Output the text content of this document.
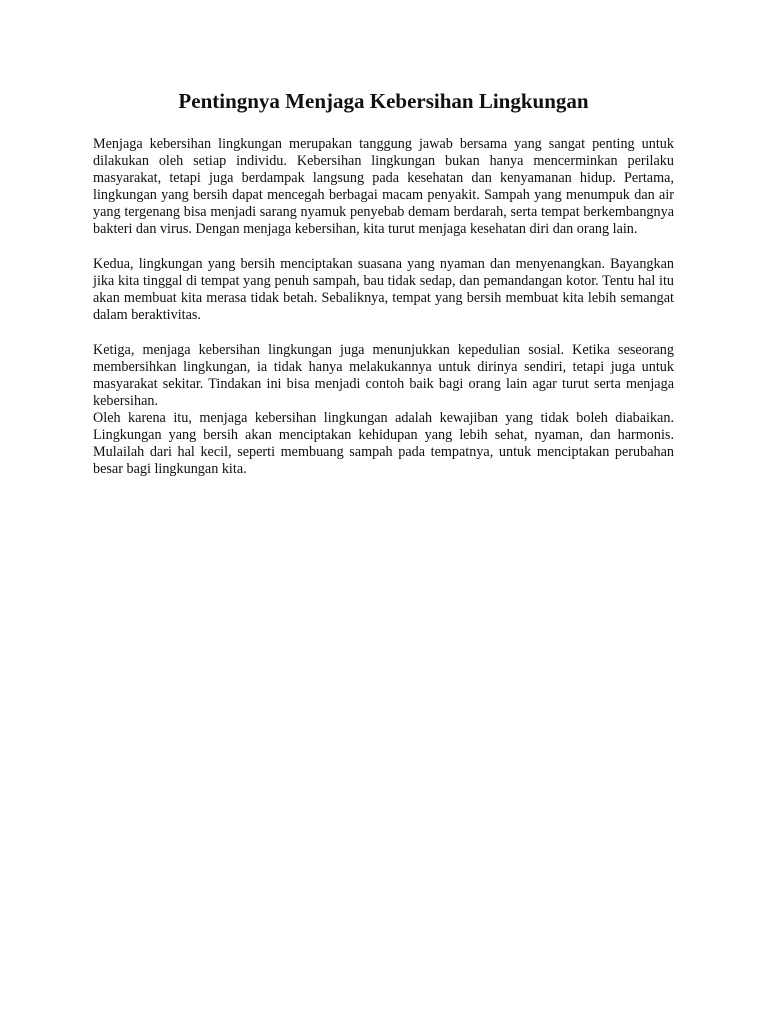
Pentingnya Menjaga Kebersihan Lingkungan

Menjaga kebersihan lingkungan merupakan tanggung jawab bersama yang sangat penting untuk dilakukan oleh setiap individu. Kebersihan lingkungan bukan hanya mencerminkan perilaku masyarakat, tetapi juga berdampak langsung pada kesehatan dan kenyamanan hidup. Pertama, lingkungan yang bersih dapat mencegah berbagai macam penyakit. Sampah yang menumpuk dan air yang tergenang bisa menjadi sarang nyamuk penyebab demam berdarah, serta tempat berkembangnya bakteri dan virus. Dengan menjaga kebersihan, kita turut menjaga kesehatan diri dan orang lain.

Kedua, lingkungan yang bersih menciptakan suasana yang nyaman dan menyenangkan. Bayangkan jika kita tinggal di tempat yang penuh sampah, bau tidak sedap, dan pemandangan kotor. Tentu hal itu akan membuat kita merasa tidak betah. Sebaliknya, tempat yang bersih membuat kita lebih semangat dalam beraktivitas.

Ketiga, menjaga kebersihan lingkungan juga menunjukkan kepedulian sosial. Ketika seseorang membersihkan lingkungan, ia tidak hanya melakukannya untuk dirinya sendiri, tetapi juga untuk masyarakat sekitar. Tindakan ini bisa menjadi contoh baik bagi orang lain agar turut serta menjaga kebersihan.
Oleh karena itu, menjaga kebersihan lingkungan adalah kewajiban yang tidak boleh diabaikan. Lingkungan yang bersih akan menciptakan kehidupan yang lebih sehat, nyaman, dan harmonis. Mulailah dari hal kecil, seperti membuang sampah pada tempatnya, untuk menciptakan perubahan besar bagi lingkungan kita.
